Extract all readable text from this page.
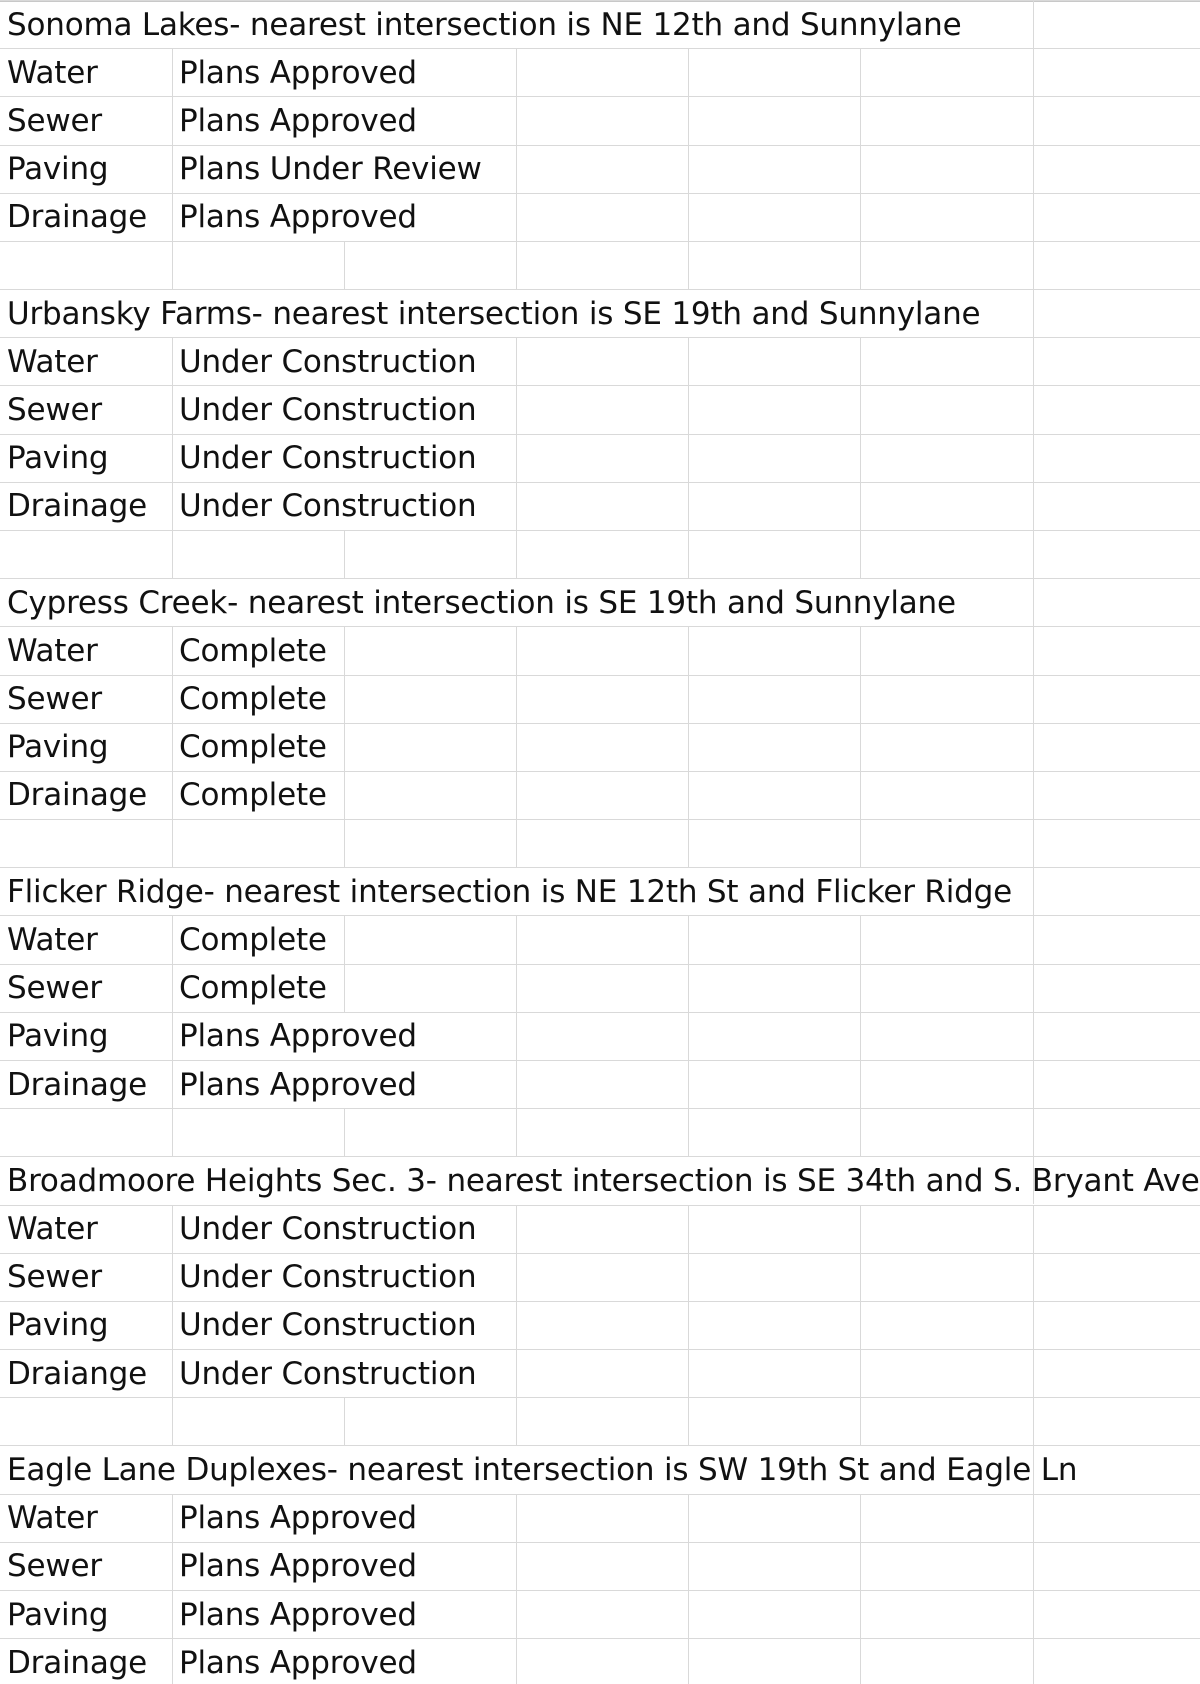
Sonoma Lakes- nearest intersection is NE 12th and Sunnylane
Water	Plans Approved
Sewer Plans Approved
Paving Plans Under Review
Drainage Plans Approved
Urbansky Farms- nearest intersection is SE 19th and Sunnylane
Water	Under Construction
Sewer Under Construction
Paving Under Construction
Drainage Under Construction
Cypress Creek- nearest intersection is SE 19th and Sunnylane
Water	Complete
Sewer Complete
Paving Complete
Drainage Complete
Flicker Ridge- nearest intersection is NE 12th St and Flicker Ridge
Water	Complete
Sewer Complete
Paving Plans Approved
Drainage Plans Approved
Broadmoore Heights Sec. 3- nearest intersection is SE 34th and S. Bryant Ave
Water	Under Construction
Sewer Under Construction
Paving Under Construction
Draiange Under Construction
Eagle Lane Duplexes- nearest intersection is SW 19th St and Eagle Ln
Water	Plans Approved
Sewer Plans Approved
Paving Plans Approved
Drainage Plans Approved
